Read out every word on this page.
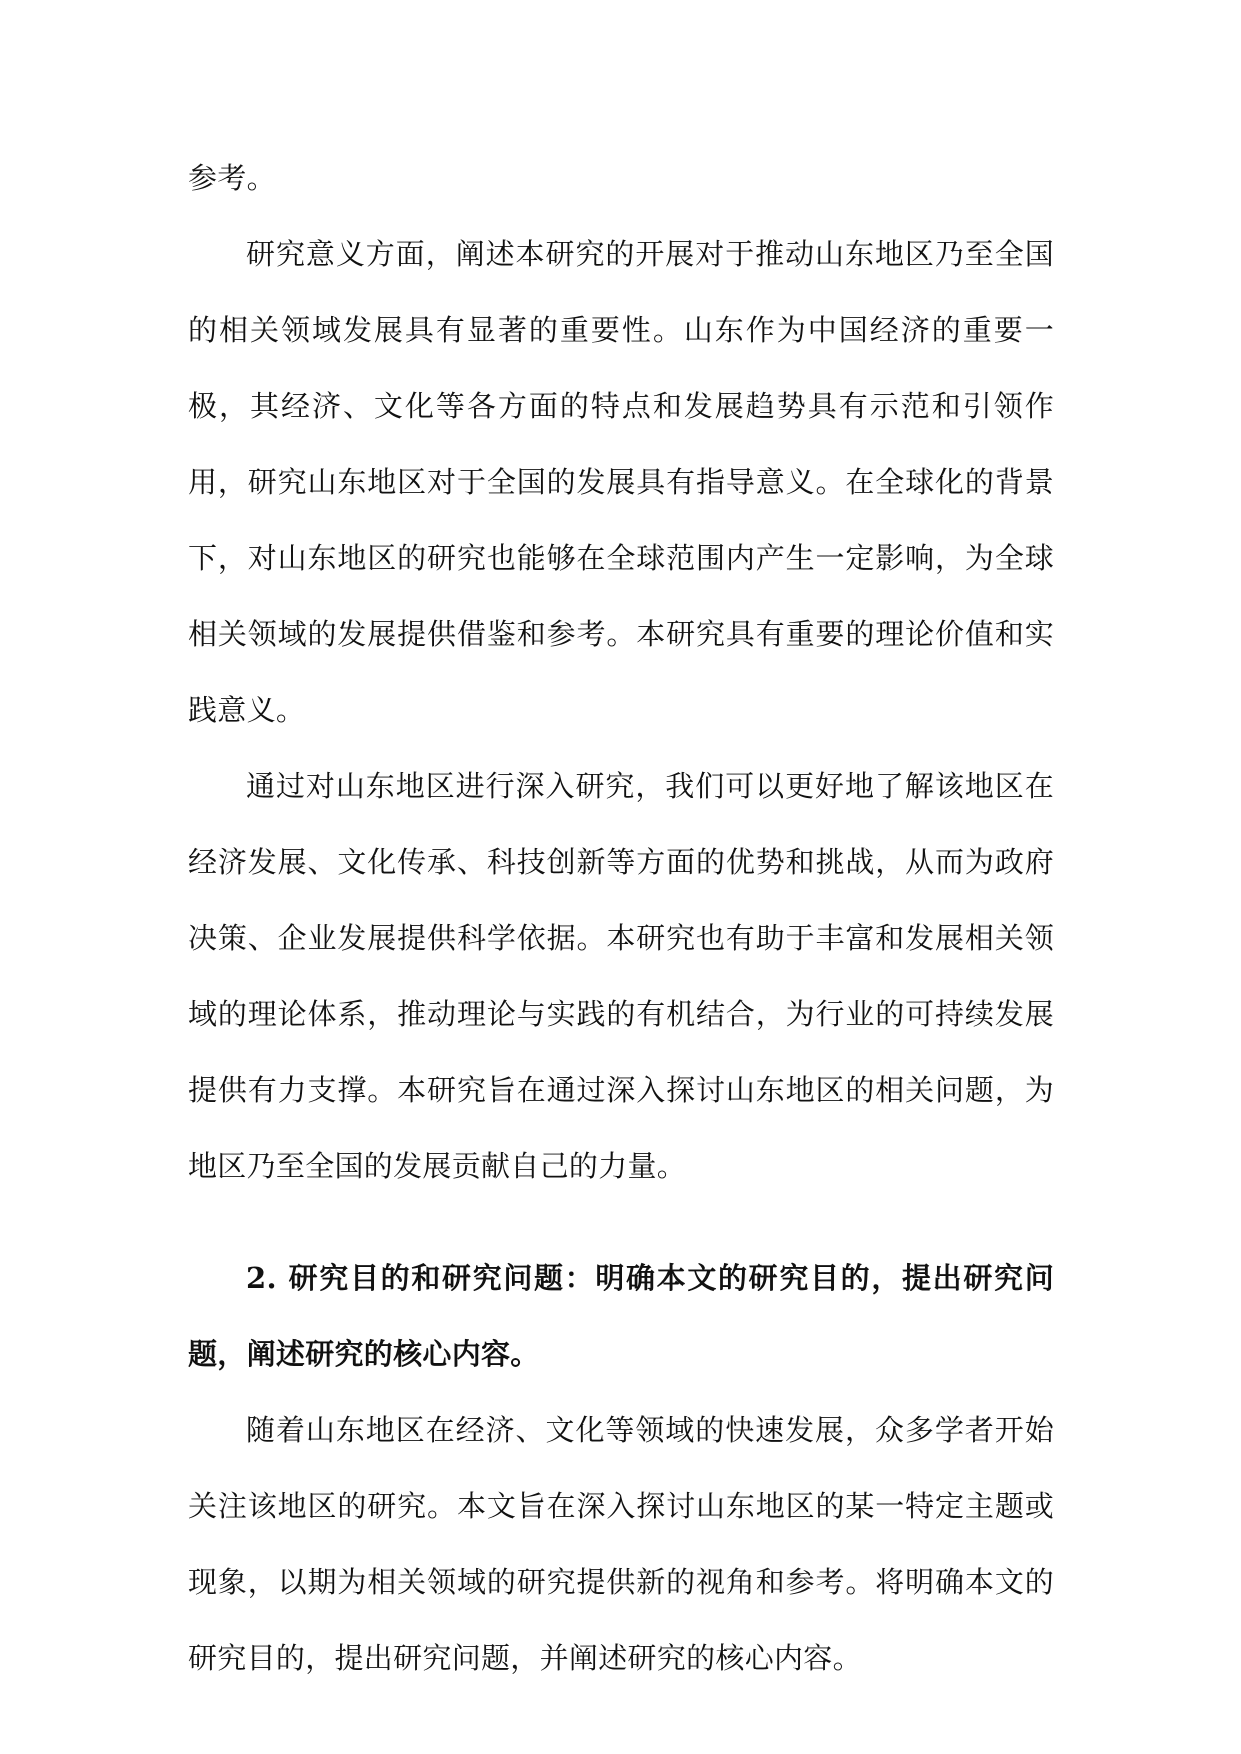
参考。

研究意义方面，阐述本研究的开展对于推动山东地区乃至全国的相关领域发展具有显著的重要性。山东作为中国经济的重要一极，其经济、文化等各方面的特点和发展趋势具有示范和引领作用，研究山东地区对于全国的发展具有指导意义。在全球化的背景下，对山东地区的研究也能够在全球范围内产生一定影响，为全球相关领域的发展提供借鉴和参考。本研究具有重要的理论价值和实践意义。

通过对山东地区进行深入研究，我们可以更好地了解该地区在经济发展、文化传承、科技创新等方面的优势和挑战，从而为政府决策、企业发展提供科学依据。本研究也有助于丰富和发展相关领域的理论体系，推动理论与实践的有机结合，为行业的可持续发展提供有力支撑。本研究旨在通过深入探讨山东地区的相关问题，为地区乃至全国的发展贡献自己的力量。

2. 研究目的和研究问题：明确本文的研究目的，提出研究问题，阐述研究的核心内容。

随着山东地区在经济、文化等领域的快速发展，众多学者开始关注该地区的研究。本文旨在深入探讨山东地区的某一特定主题或现象，以期为相关领域的研究提供新的视角和参考。将明确本文的研究目的，提出研究问题，并阐述研究的核心内容。
